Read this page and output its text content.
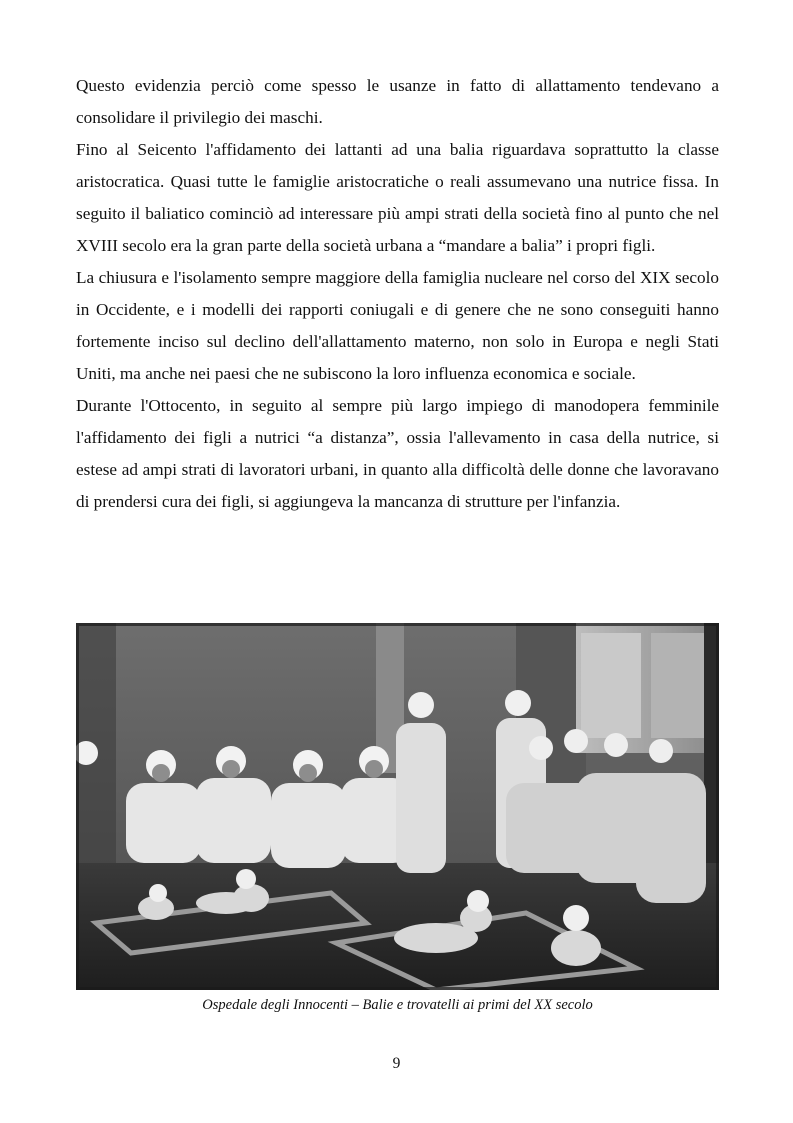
Questo evidenzia perciò come spesso le usanze in fatto di allattamento tendevano a consolidare il privilegio dei maschi.

Fino al Seicento l'affidamento dei lattanti ad una balia riguardava soprattutto la classe aristocratica. Quasi tutte le famiglie aristocratiche o reali assumevano una nutrice fissa. In seguito il baliatico cominciò ad interessare più ampi strati della società fino al punto che nel XVIII secolo era la gran parte della società urbana a “mandare a balia” i propri figli.

La chiusura e l'isolamento sempre maggiore della famiglia nucleare nel corso del XIX secolo in Occidente, e i modelli dei rapporti coniugali e di genere che ne sono conseguiti hanno fortemente inciso sul declino dell'allattamento materno, non solo in Europa e negli Stati Uniti, ma anche nei paesi che ne subiscono la loro influenza economica e sociale.

Durante l'Ottocento, in seguito al sempre più largo impiego di manodopera femminile l'affidamento dei figli a nutrici “a distanza”, ossia l'allevamento in casa della nutrice, si estese ad ampi strati di lavoratori urbani, in quanto alla difficoltà delle donne che lavoravano di prendersi cura dei figli, si aggiungeva la mancanza di strutture per l'infanzia.

Ospedale degli Innocenti – Balie e trovatelli ai primi del XX secolo
9
